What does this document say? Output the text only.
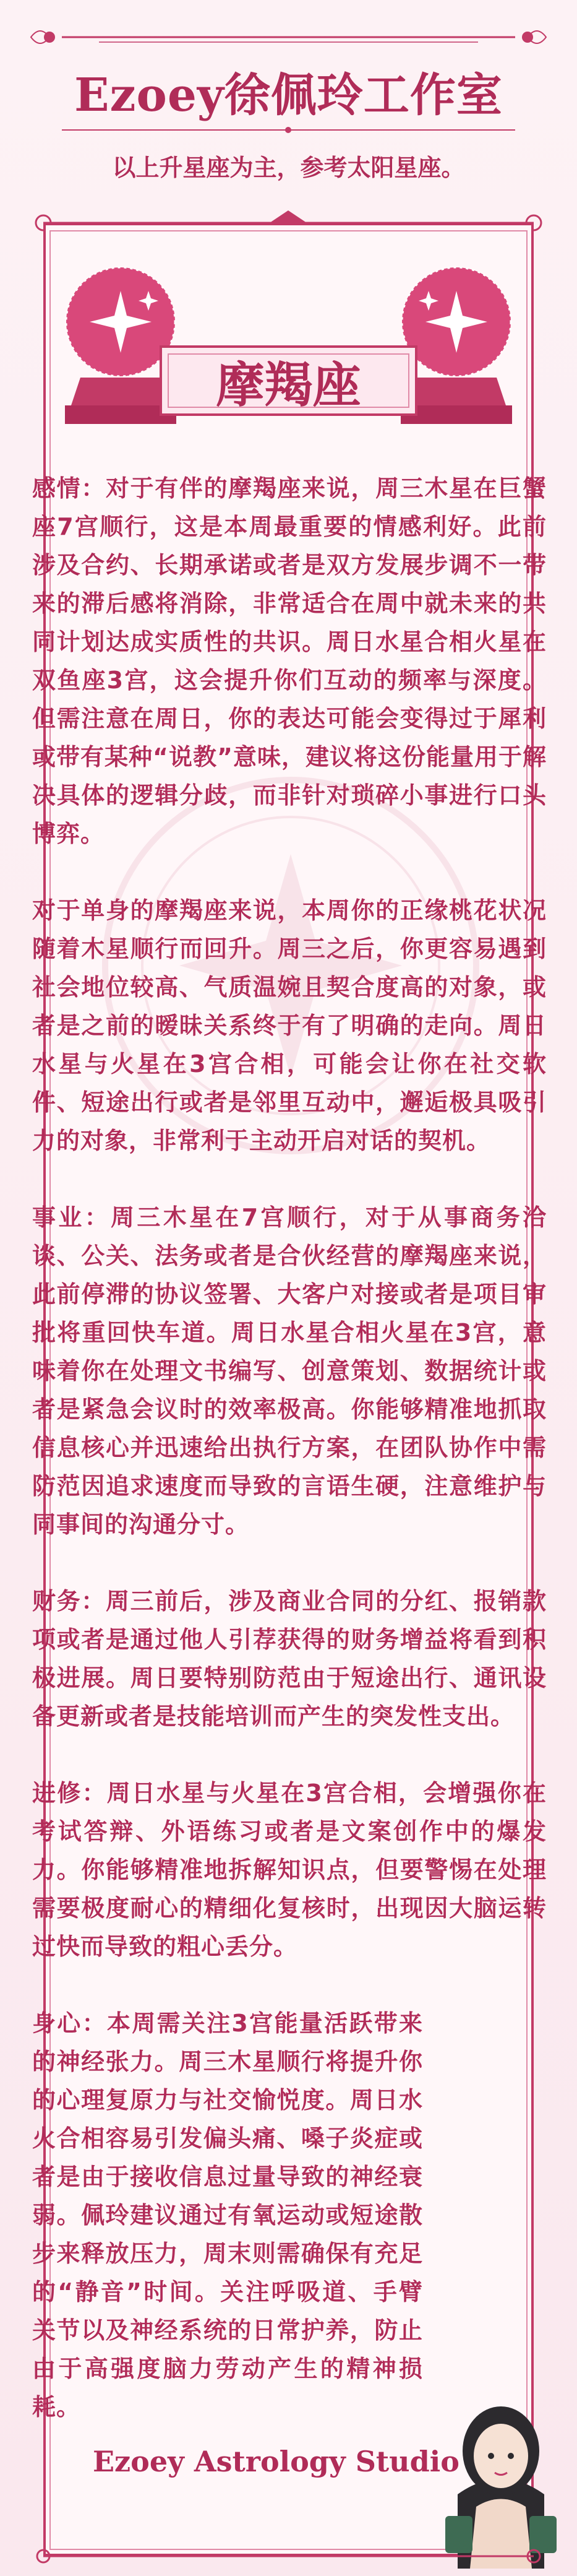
Ezoey徐佩玲工作室
以上升星座为主，参考太阳星座。
摩羯座

感情：对于有伴的摩羯座来说，周三木星在巨蟹座7宫顺行，这是本周最重要的情感利好。此前涉及合约、长期承诺或者是双方发展步调不一带来的滞后感将消除，非常适合在周中就未来的共同计划达成实质性的共识。周日水星合相火星在双鱼座3宫，这会提升你们互动的频率与深度。但需注意在周日，你的表达可能会变得过于犀利或带有某种“说教”意味，建议将这份能量用于解决具体的逻辑分歧，而非针对琐碎小事进行口头博弈。

对于单身的摩羯座来说，本周你的正缘桃花状况随着木星顺行而回升。周三之后，你更容易遇到社会地位较高、气质温婉且契合度高的对象，或者是之前的暧昧关系终于有了明确的走向。周日水星与火星在3宫合相，可能会让你在社交软件、短途出行或者是邻里互动中，邂逅极具吸引力的对象，非常利于主动开启对话的契机。

事业：周三木星在7宫顺行，对于从事商务洽谈、公关、法务或者是合伙经营的摩羯座来说，此前停滞的协议签署、大客户对接或者是项目审批将重回快车道。周日水星合相火星在3宫，意味着你在处理文书编写、创意策划、数据统计或者是紧急会议时的效率极高。你能够精准地抓取信息核心并迅速给出执行方案，在团队协作中需防范因追求速度而导致的言语生硬，注意维护与同事间的沟通分寸。

财务：周三前后，涉及商业合同的分红、报销款项或者是通过他人引荐获得的财务增益将看到积极进展。周日要特别防范由于短途出行、通讯设备更新或者是技能培训而产生的突发性支出。

进修：周日水星与火星在3宫合相，会增强你在考试答辩、外语练习或者是文案创作中的爆发力。你能够精准地拆解知识点，但要警惕在处理需要极度耐心的精细化复核时，出现因大脑运转过快而导致的粗心丢分。

身心：本周需关注3宫能量活跃带来的神经张力。周三木星顺行将提升你的心理复原力与社交愉悦度。周日水火合相容易引发偏头痛、嗓子炎症或者是由于接收信息过量导致的神经衰弱。佩玲建议通过有氧运动或短途散步来释放压力，周末则需确保有充足的“静音”时间。关注呼吸道、手臂关节以及神经系统的日常护养，防止由于高强度脑力劳动产生的精神损耗。

Ezoey Astrology Studio
